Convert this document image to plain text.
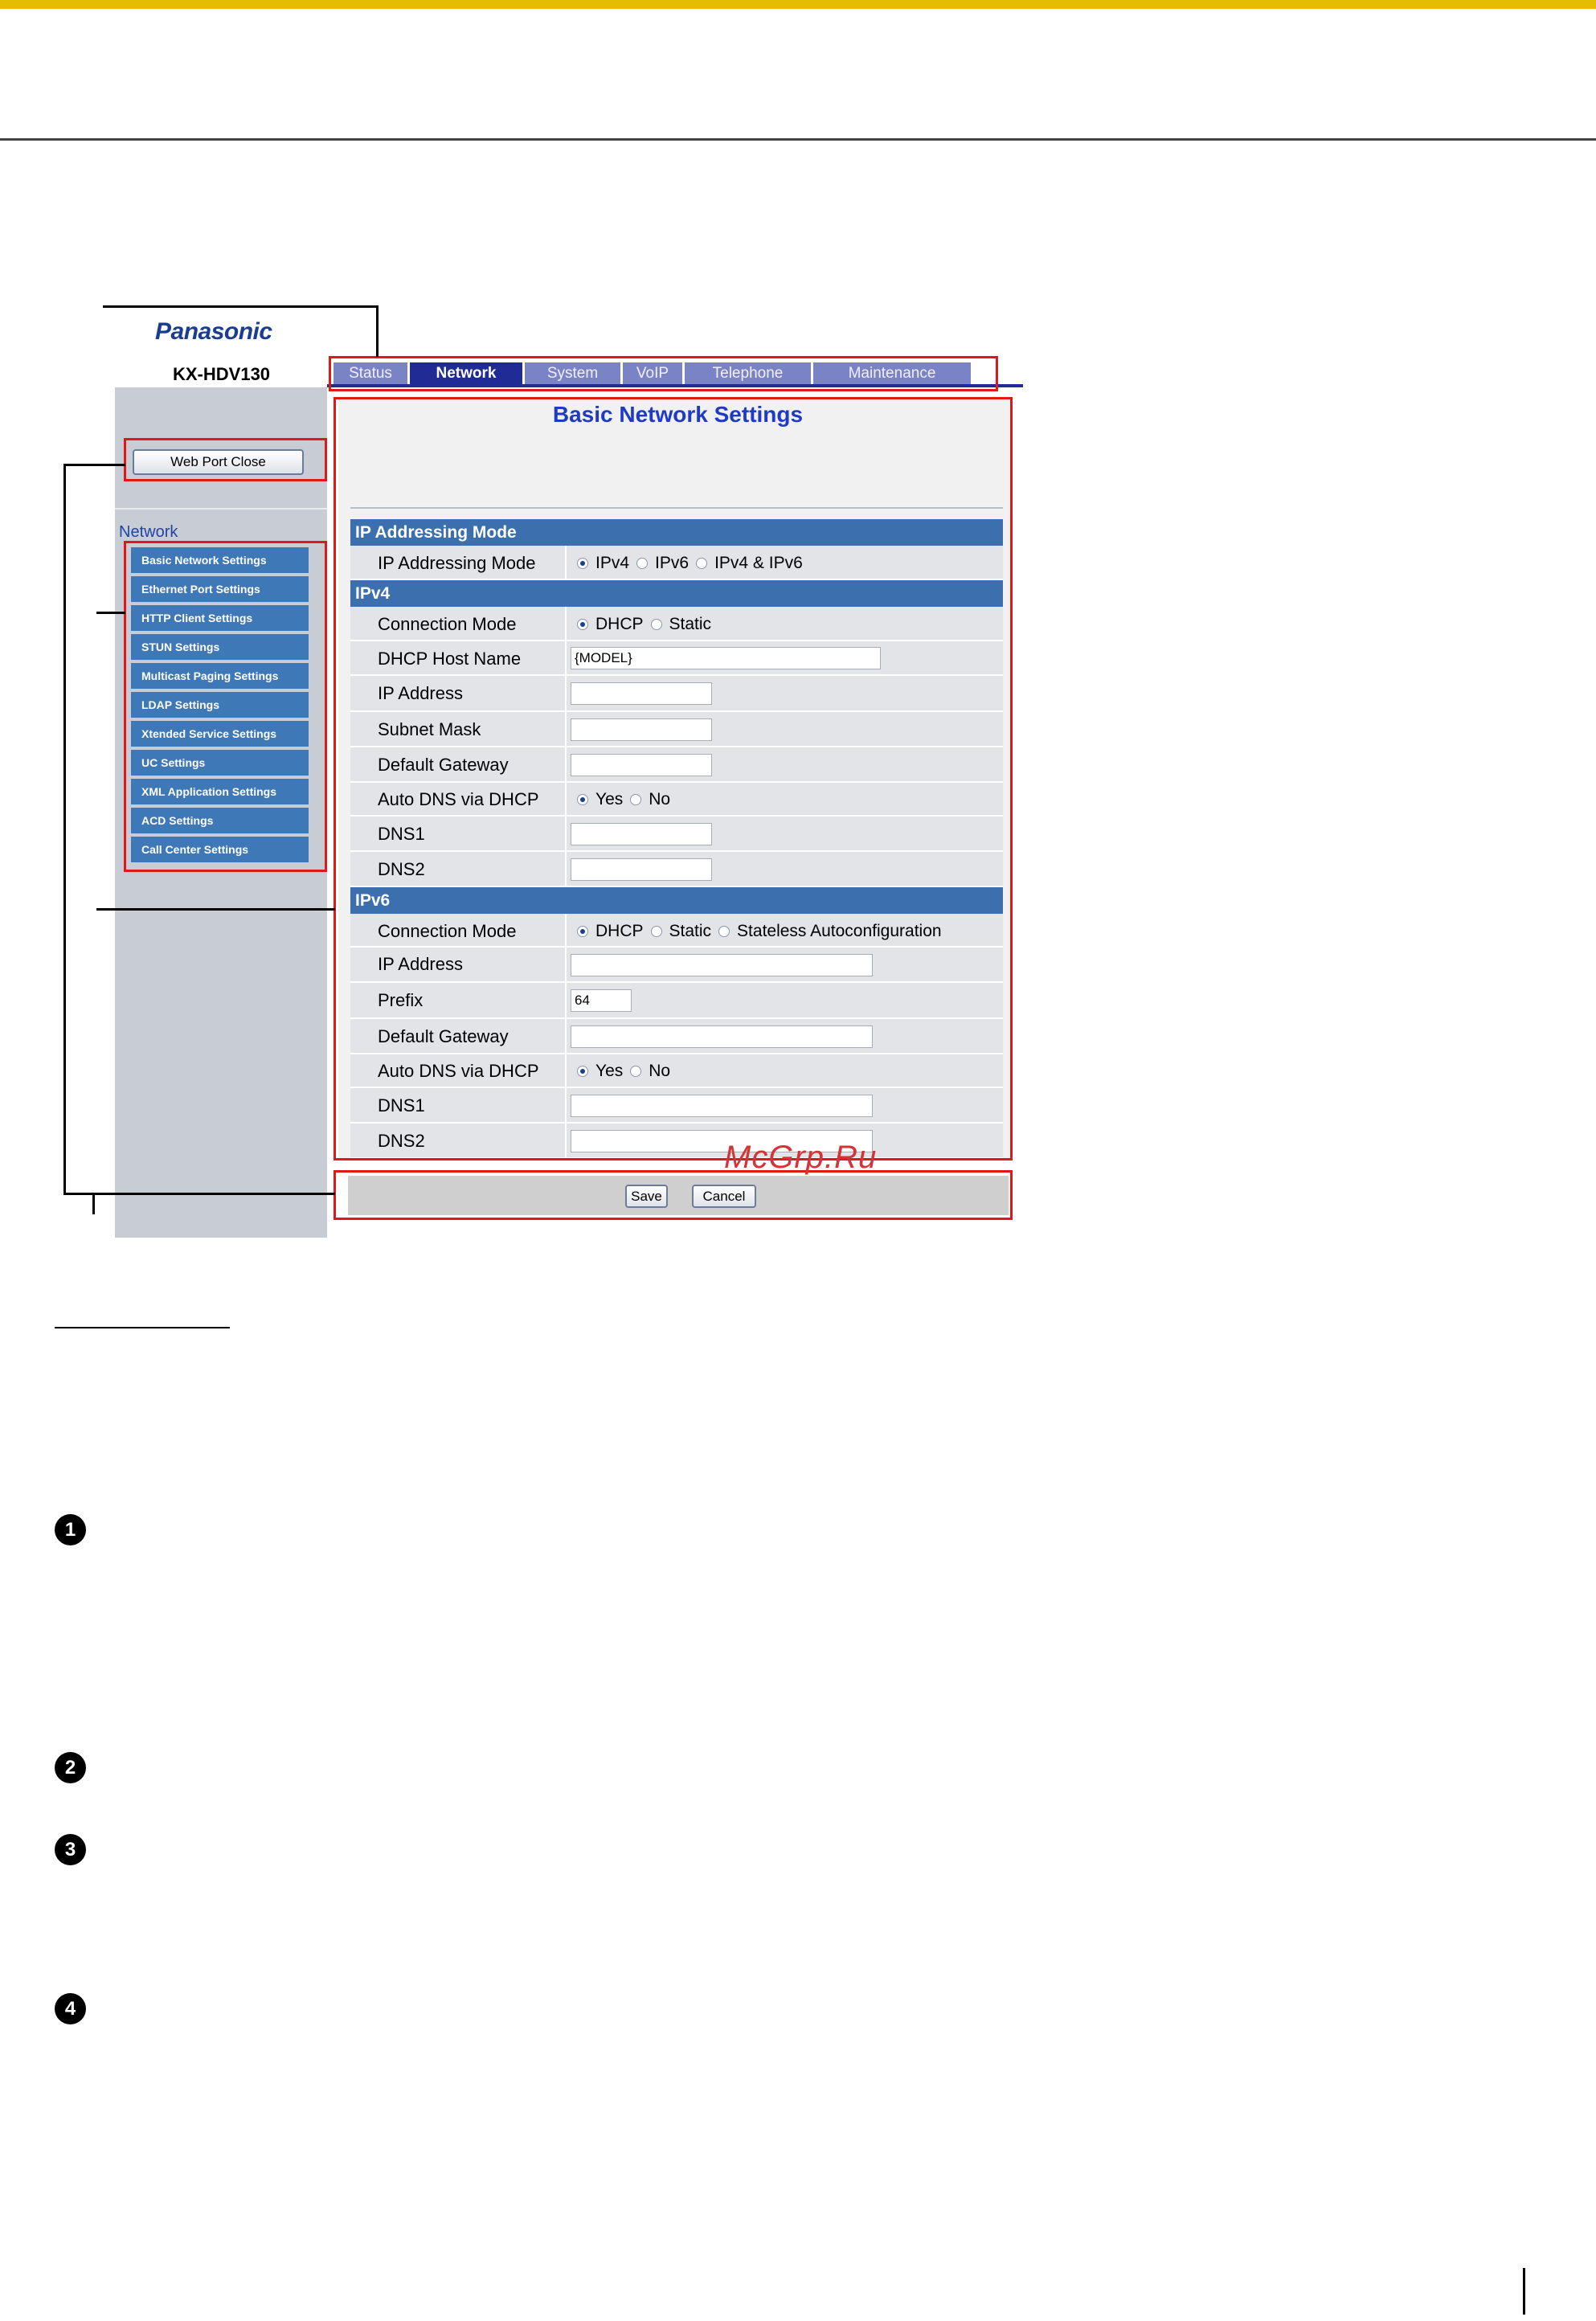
Panasonic
KX-HDV130	Status	Network	System	VoIP	Telephone	Maintenance
Web Port Close
Network
Basic Network Settings
Ethernet Port Settings
HTTP Client Settings
STUN Settings
Multicast Paging Settings
LDAP Settings
Xtended Service Settings
UC Settings
XML Application Settings
ACD Settings
Call Center Settings
Basic Network Settings
IP Addressing Mode
IP Addressing Mode	IPv4 IPv6 IPv4 & IPv6
IPv4
Connection Mode	DHCP Static
DHCP Host Name	{MODEL}
IP Address
Subnet Mask
Default Gateway
Auto DNS via DHCP	Yes No
DNS1
DNS2
IPv6
Connection Mode	DHCP Static Stateless Autoconfiguration
IP Address
Prefix	64
Default Gateway
Auto DNS via DHCP	Yes No
DNS1
DNS2
Save	Cancel
McGrp.Ru
1
2
3
4
